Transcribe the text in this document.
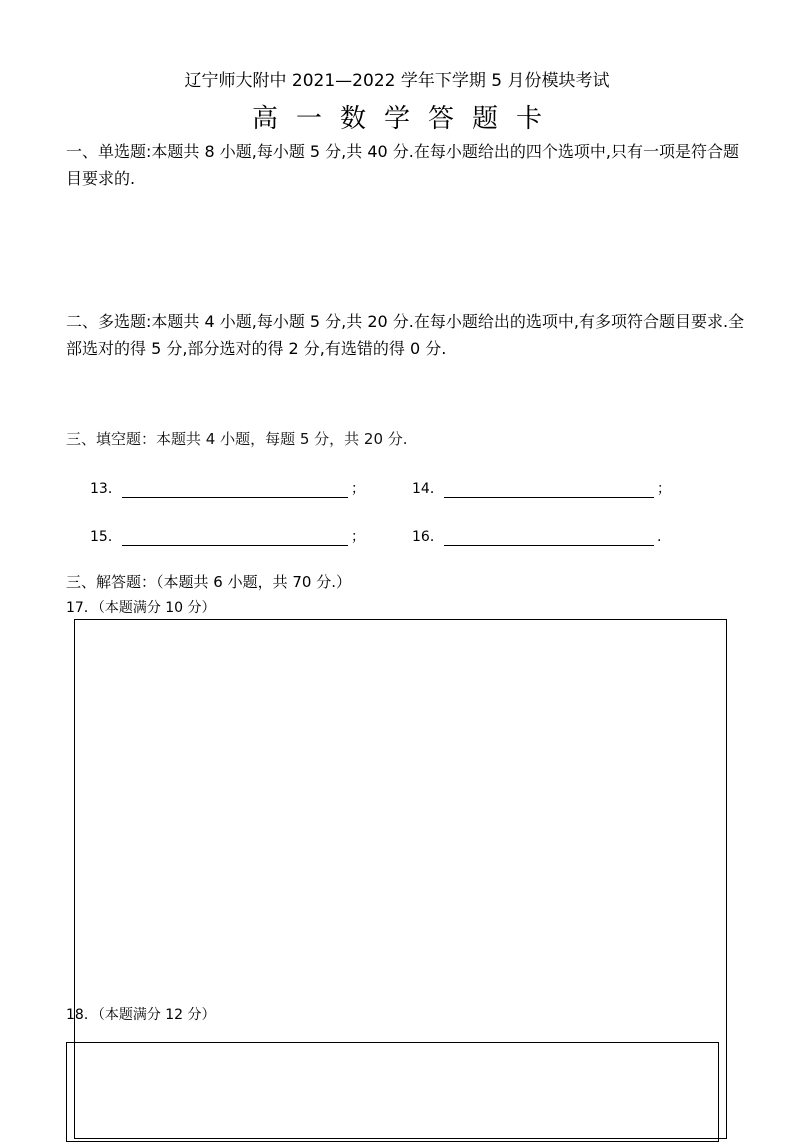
辽宁师大附中 2021—2022 学年下学期 5 月份模块考试
高一数学答题卡
一、单选题:本题共 8 小题,每小题 5 分,共 40 分.在每小题给出的四个选项中,只有一项是符合题目要求的.
二、多选题:本题共 4 小题,每小题 5 分,共 20 分.在每小题给出的选项中,有多项符合题目要求.全部选对的得 5 分,部分选对的得 2 分,有选错的得 0 分.
三、填空题：本题共 4 小题，每题 5 分，共 20 分.
13．	；	14．	；
15．	；	16．	.
三、解答题：（本题共 6 小题，共 70 分.）
17．（本题满分 10 分）
18．（本题满分 12 分）
